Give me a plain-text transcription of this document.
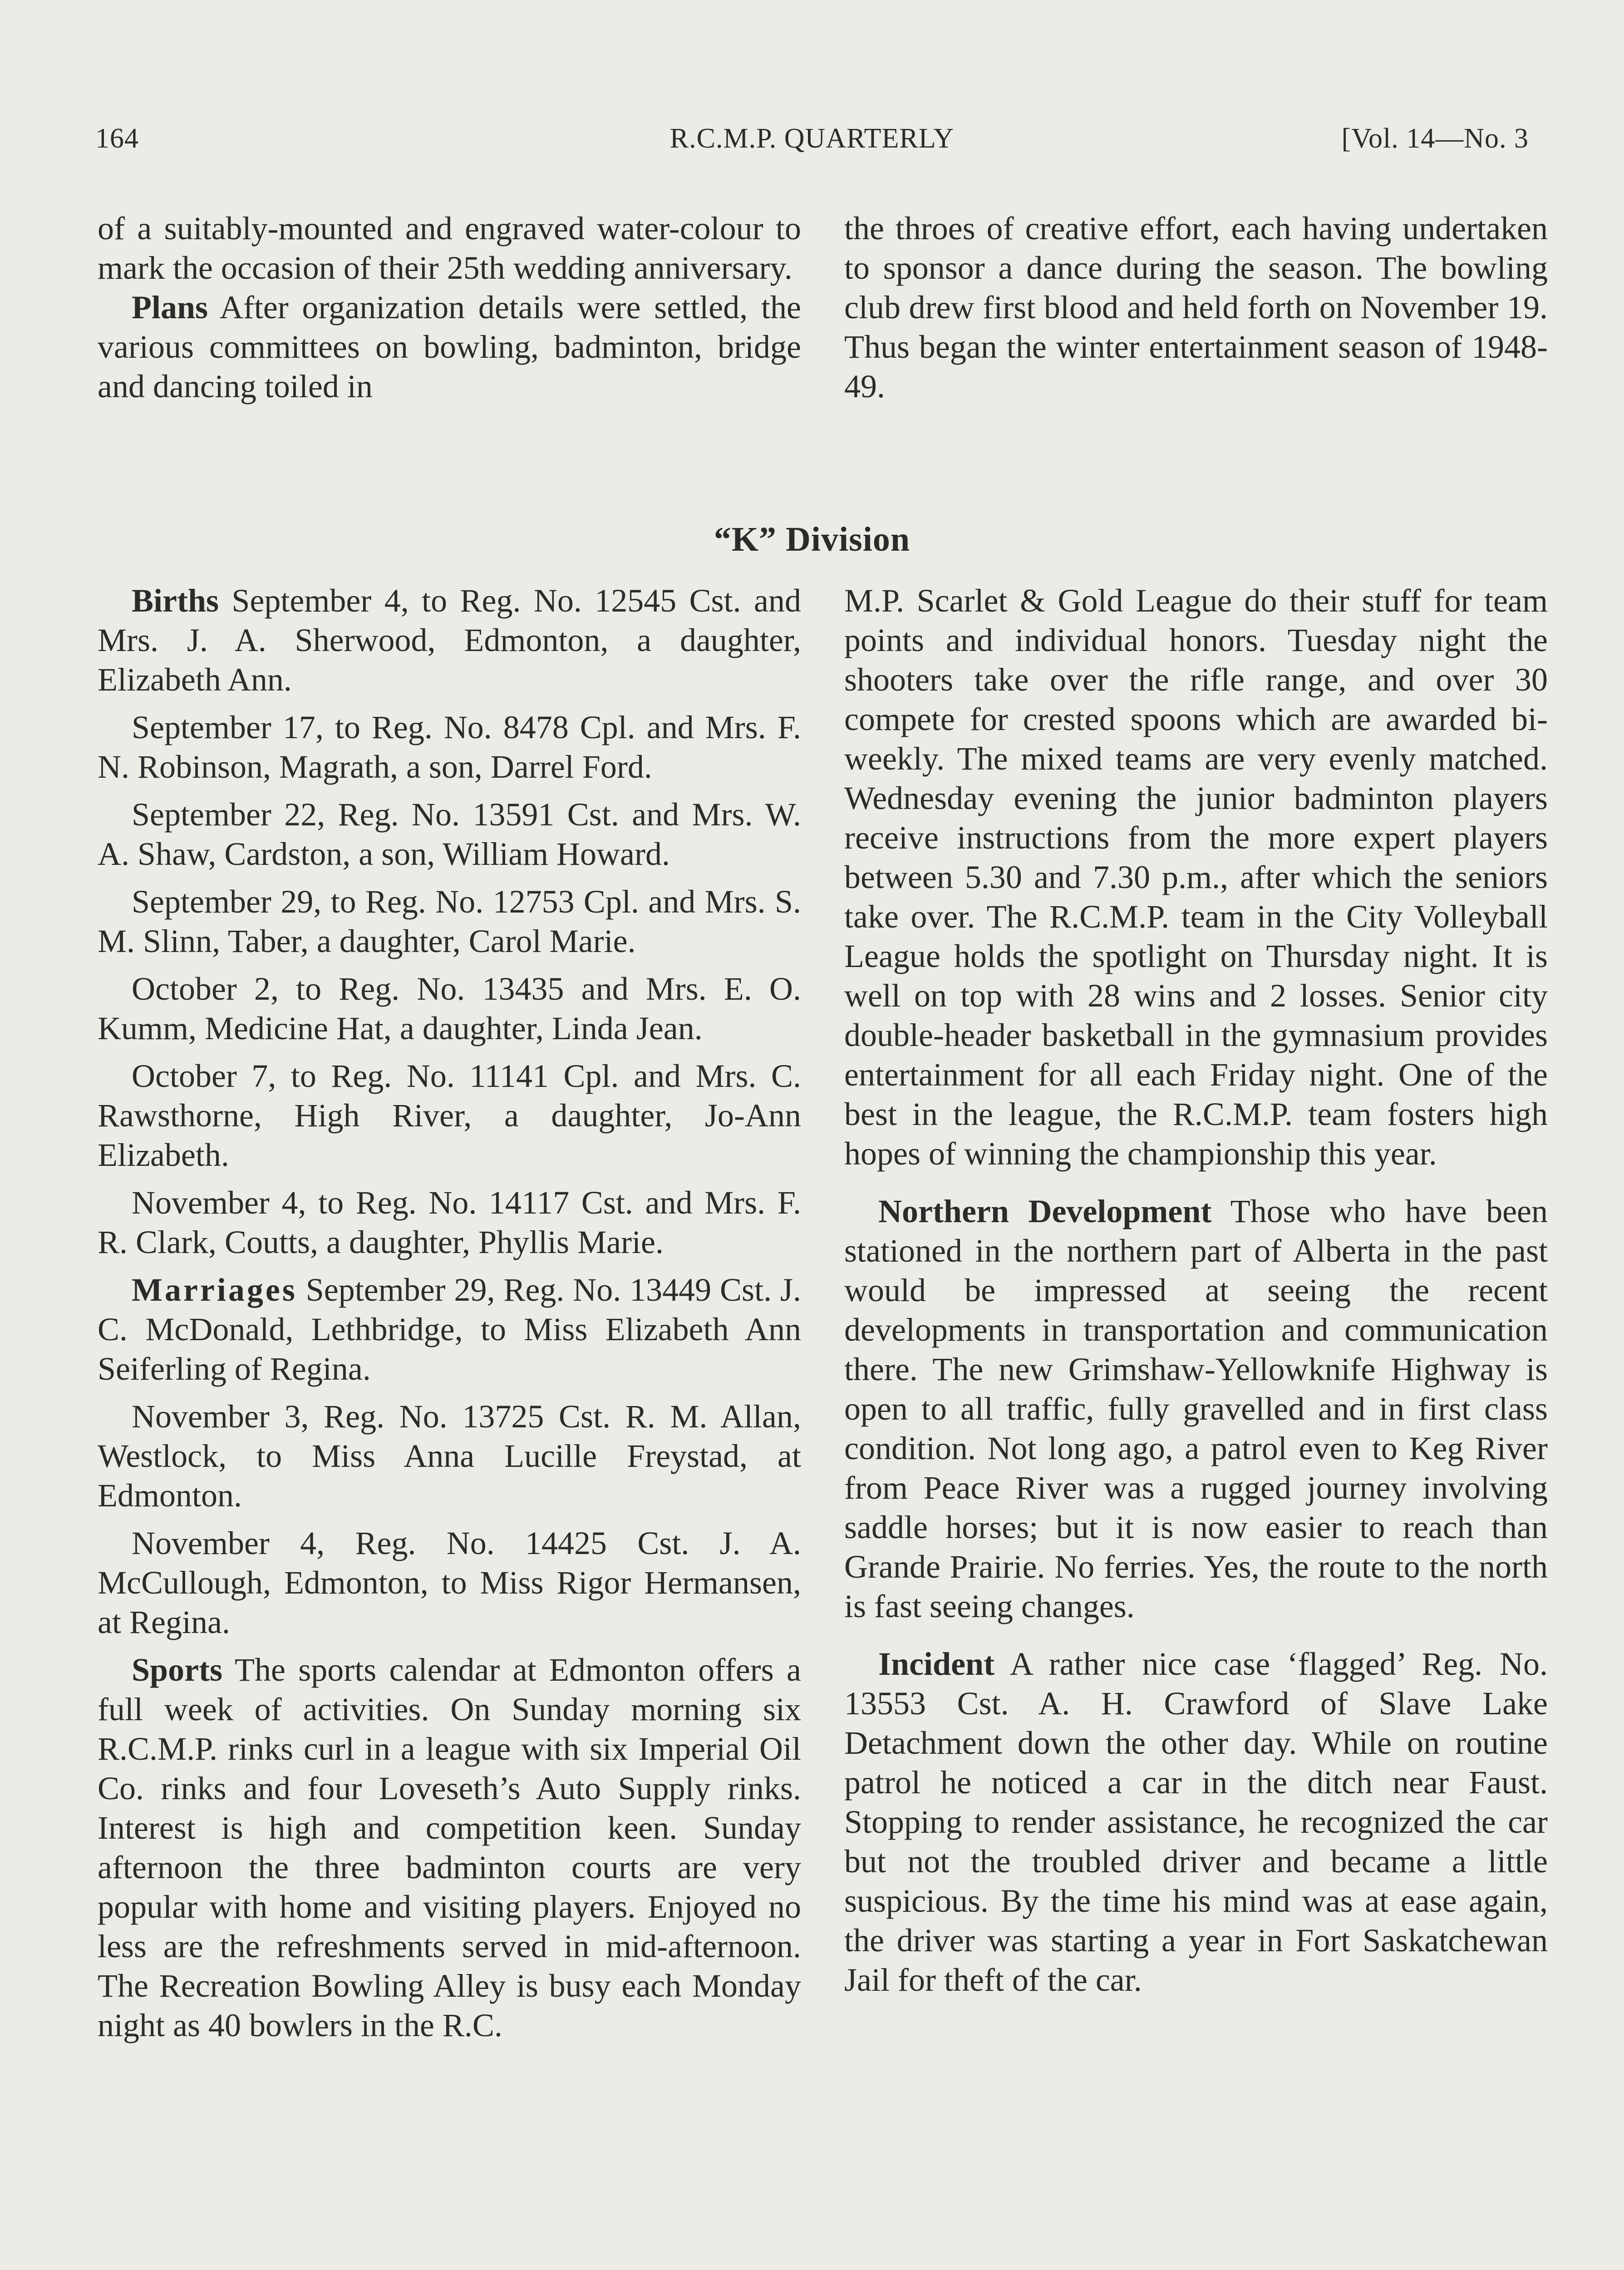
164	R.C.M.P. QUARTERLY	[Vol. 14—No. 3

of a suitably-mounted and engraved water-colour to mark the occasion of their 25th wedding anniversary.

Plans After organization details were settled, the various committees on bowling, badminton, bridge and dancing toiled in

the throes of creative effort, each having undertaken to sponsor a dance during the season. The bowling club drew first blood and held forth on November 19. Thus began the winter entertainment season of 1948-49.

“K” Division

Births September 4, to Reg. No. 12545 Cst. and Mrs. J. A. Sherwood, Edmonton, a daughter, Elizabeth Ann.

September 17, to Reg. No. 8478 Cpl. and Mrs. F. N. Robinson, Magrath, a son, Darrel Ford.

September 22, Reg. No. 13591 Cst. and Mrs. W. A. Shaw, Cardston, a son, William Howard.

September 29, to Reg. No. 12753 Cpl. and Mrs. S. M. Slinn, Taber, a daughter, Carol Marie.

October 2, to Reg. No. 13435 and Mrs. E. O. Kumm, Medicine Hat, a daughter, Linda Jean.

October 7, to Reg. No. 11141 Cpl. and Mrs. C. Rawsthorne, High River, a daughter, Jo-Ann Elizabeth.

November 4, to Reg. No. 14117 Cst. and Mrs. F. R. Clark, Coutts, a daughter, Phyllis Marie.

Marriages September 29, Reg. No. 13449 Cst. J. C. McDonald, Lethbridge, to Miss Elizabeth Ann Seiferling of Regina.

November 3, Reg. No. 13725 Cst. R. M. Allan, Westlock, to Miss Anna Lucille Freystad, at Edmonton.

November 4, Reg. No. 14425 Cst. J. A. McCullough, Edmonton, to Miss Rigor Hermansen, at Regina.

Sports The sports calendar at Edmonton offers a full week of activities. On Sunday morning six R.C.M.P. rinks curl in a league with six Imperial Oil Co. rinks and four Loveseth’s Auto Supply rinks. Interest is high and competition keen. Sunday afternoon the three badminton courts are very popular with home and visiting players. Enjoyed no less are the refreshments served in mid-afternoon. The Recreation Bowling Alley is busy each Monday night as 40 bowlers in the R.C.

M.P. Scarlet & Gold League do their stuff for team points and individual honors. Tuesday night the shooters take over the rifle range, and over 30 compete for crested spoons which are awarded bi-weekly. The mixed teams are very evenly matched. Wednesday evening the junior badminton players receive instructions from the more expert players between 5.30 and 7.30 p.m., after which the seniors take over. The R.C.M.P. team in the City Volleyball League holds the spotlight on Thursday night. It is well on top with 28 wins and 2 losses. Senior city double-header basketball in the gymnasium provides entertainment for all each Friday night. One of the best in the league, the R.C.M.P. team fosters high hopes of winning the championship this year.

Northern Development Those who have been stationed in the northern part of Alberta in the past would be impressed at seeing the recent developments in transportation and communication there. The new Grimshaw-Yellowknife Highway is open to all traffic, fully gravelled and in first class condition. Not long ago, a patrol even to Keg River from Peace River was a rugged journey involving saddle horses; but it is now easier to reach than Grande Prairie. No ferries. Yes, the route to the north is fast seeing changes.

Incident A rather nice case ‘flagged’ Reg. No. 13553 Cst. A. H. Crawford of Slave Lake Detachment down the other day. While on routine patrol he noticed a car in the ditch near Faust. Stopping to render assistance, he recognized the car but not the troubled driver and became a little suspicious. By the time his mind was at ease again, the driver was starting a year in Fort Saskatchewan Jail for theft of the car.
